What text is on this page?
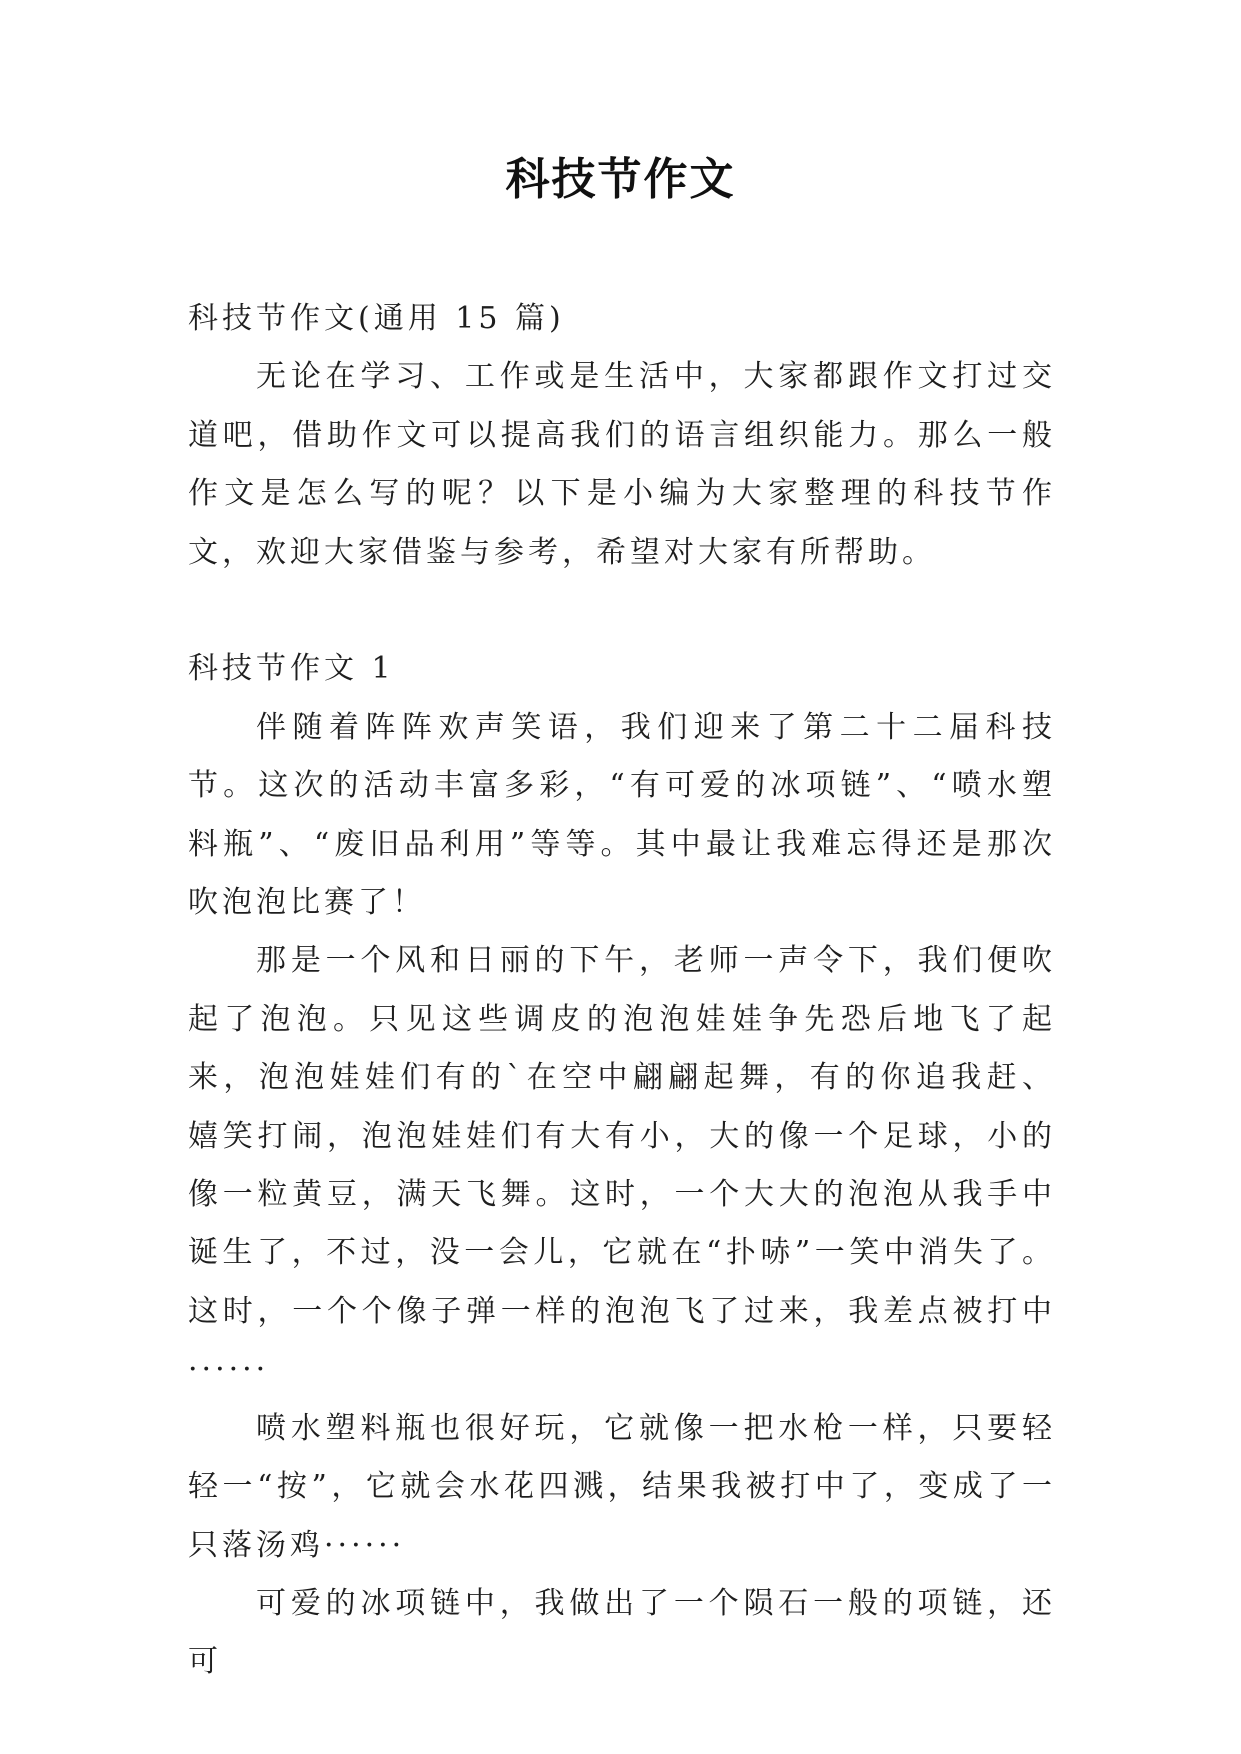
科技节作文

科技节作文(通用 15 篇)

无论在学习、工作或是生活中，大家都跟作文打过交道吧，借助作文可以提高我们的语言组织能力。那么一般作文是怎么写的呢？以下是小编为大家整理的科技节作文，欢迎大家借鉴与参考，希望对大家有所帮助。

科技节作文 1

伴随着阵阵欢声笑语，我们迎来了第二十二届科技节。这次的活动丰富多彩，“有可爱的冰项链”、“喷水塑料瓶”、“废旧品利用”等等。其中最让我难忘得还是那次吹泡泡比赛了！

那是一个风和日丽的下午，老师一声令下，我们便吹起了泡泡。只见这些调皮的泡泡娃娃争先恐后地飞了起来，泡泡娃娃们有的`在空中翩翩起舞，有的你追我赶、嬉笑打闹，泡泡娃娃们有大有小，大的像一个足球，小的像一粒黄豆，满天飞舞。这时，一个大大的泡泡从我手中诞生了，不过，没一会儿，它就在“扑哧”一笑中消失了。这时，一个个像子弹一样的泡泡飞了过来，我差点被打中······

喷水塑料瓶也很好玩，它就像一把水枪一样，只要轻轻一“按”，它就会水花四溅，结果我被打中了，变成了一只落汤鸡······

可爱的冰项链中，我做出了一个陨石一般的项链，还可
